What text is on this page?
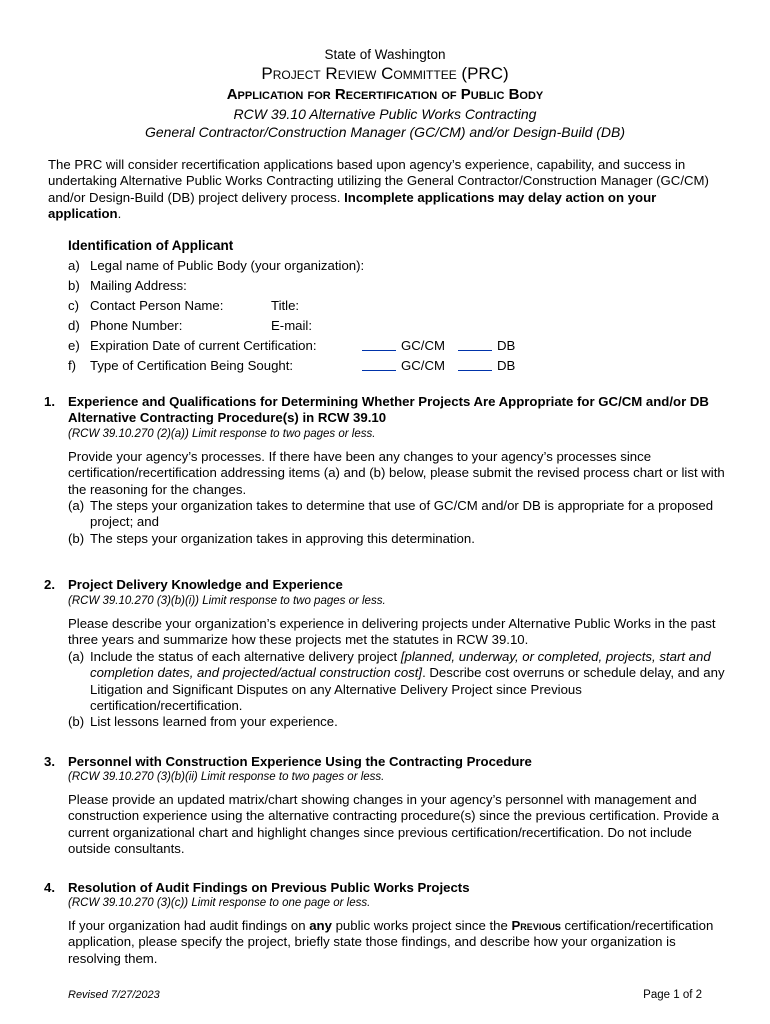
State of Washington
Project Review Committee (PRC)
Application for Recertification of Public Body
RCW 39.10 Alternative Public Works Contracting
General Contractor/Construction Manager (GC/CM) and/or Design-Build (DB)
The PRC will consider recertification applications based upon agency’s experience, capability, and success in undertaking Alternative Public Works Contracting utilizing the General Contractor/Construction Manager (GC/CM) and/or Design-Build (DB) project delivery process. Incomplete applications may delay action on your application.
Identification of Applicant
a) Legal name of Public Body (your organization):
b) Mailing Address:
c) Contact Person Name:	Title:
d) Phone Number:	E-mail:
e) Expiration Date of current Certification:	GC/CM	DB
f) Type of Certification Being Sought:	GC/CM	DB
1. Experience and Qualifications for Determining Whether Projects Are Appropriate for GC/CM and/or DB Alternative Contracting Procedure(s) in RCW 39.10
(RCW 39.10.270 (2)(a)) Limit response to two pages or less.
Provide your agency’s processes. If there have been any changes to your agency’s processes since certification/recertification addressing items (a) and (b) below, please submit the revised process chart or list with the reasoning for the changes.
(a) The steps your organization takes to determine that use of GC/CM and/or DB is appropriate for a proposed project; and
(b) The steps your organization takes in approving this determination.
2. Project Delivery Knowledge and Experience
(RCW 39.10.270 (3)(b)(i)) Limit response to two pages or less.
Please describe your organization’s experience in delivering projects under Alternative Public Works in the past three years and summarize how these projects met the statutes in RCW 39.10.
(a) Include the status of each alternative delivery project [planned, underway, or completed, projects, start and completion dates, and projected/actual construction cost]. Describe cost overruns or schedule delay, and any Litigation and Significant Disputes on any Alternative Delivery Project since Previous certification/recertification.
(b) List lessons learned from your experience.
3. Personnel with Construction Experience Using the Contracting Procedure
(RCW 39.10.270 (3)(b)(ii) Limit response to two pages or less.
Please provide an updated matrix/chart showing changes in your agency’s personnel with management and construction experience using the alternative contracting procedure(s) since the previous certification. Provide a current organizational chart and highlight changes since previous certification/recertification. Do not include outside consultants.
4. Resolution of Audit Findings on Previous Public Works Projects
(RCW 39.10.270 (3)(c)) Limit response to one page or less.
If your organization had audit findings on any public works project since the Previous certification/recertification application, please specify the project, briefly state those findings, and describe how your organization is resolving them.
Revised 7/27/2023	Page 1 of 2
